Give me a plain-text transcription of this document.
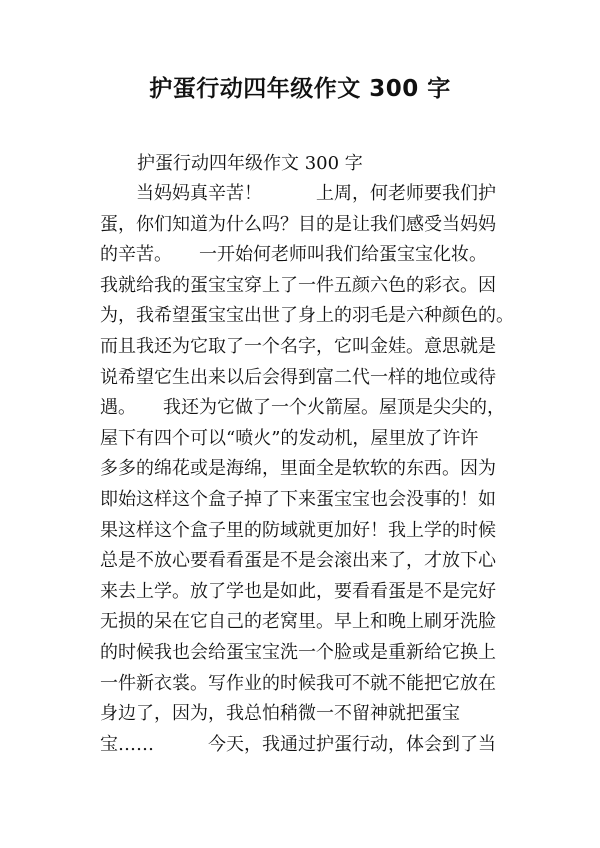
护蛋行动四年级作文 300 字
护蛋行动四年级作文 300 字
　　当妈妈真辛苦！　　　上周，何老师要我们护
蛋，你们知道为什么吗？目的是让我们感受当妈妈
的辛苦。　　一开始何老师叫我们给蛋宝宝化妆。
我就给我的蛋宝宝穿上了一件五颜六色的彩衣。因
为，我希望蛋宝宝出世了身上的羽毛是六种颜色的。
而且我还为它取了一个名字，它叫金娃。意思就是
说希望它生出来以后会得到富二代一样的地位或待
遇。　　我还为它做了一个火箭屋。屋顶是尖尖的，
屋下有四个可以“喷火”的发动机，屋里放了许许
多多的绵花或是海绵，里面全是软软的东西。因为
即始这样这个盒子掉了下来蛋宝宝也会没事的！如
果这样这个盒子里的防域就更加好！我上学的时候
总是不放心要看看蛋是不是会滚出来了，才放下心
来去上学。放了学也是如此，要看看蛋是不是完好
无损的呆在它自己的老窝里。早上和晚上刷牙洗脸
的时候我也会给蛋宝宝洗一个脸或是重新给它换上
一件新衣裳。写作业的时候我可不就不能把它放在
身边了，因为，我总怕稍微一不留神就把蛋宝
宝……　　　今天，我通过护蛋行动，体会到了当
